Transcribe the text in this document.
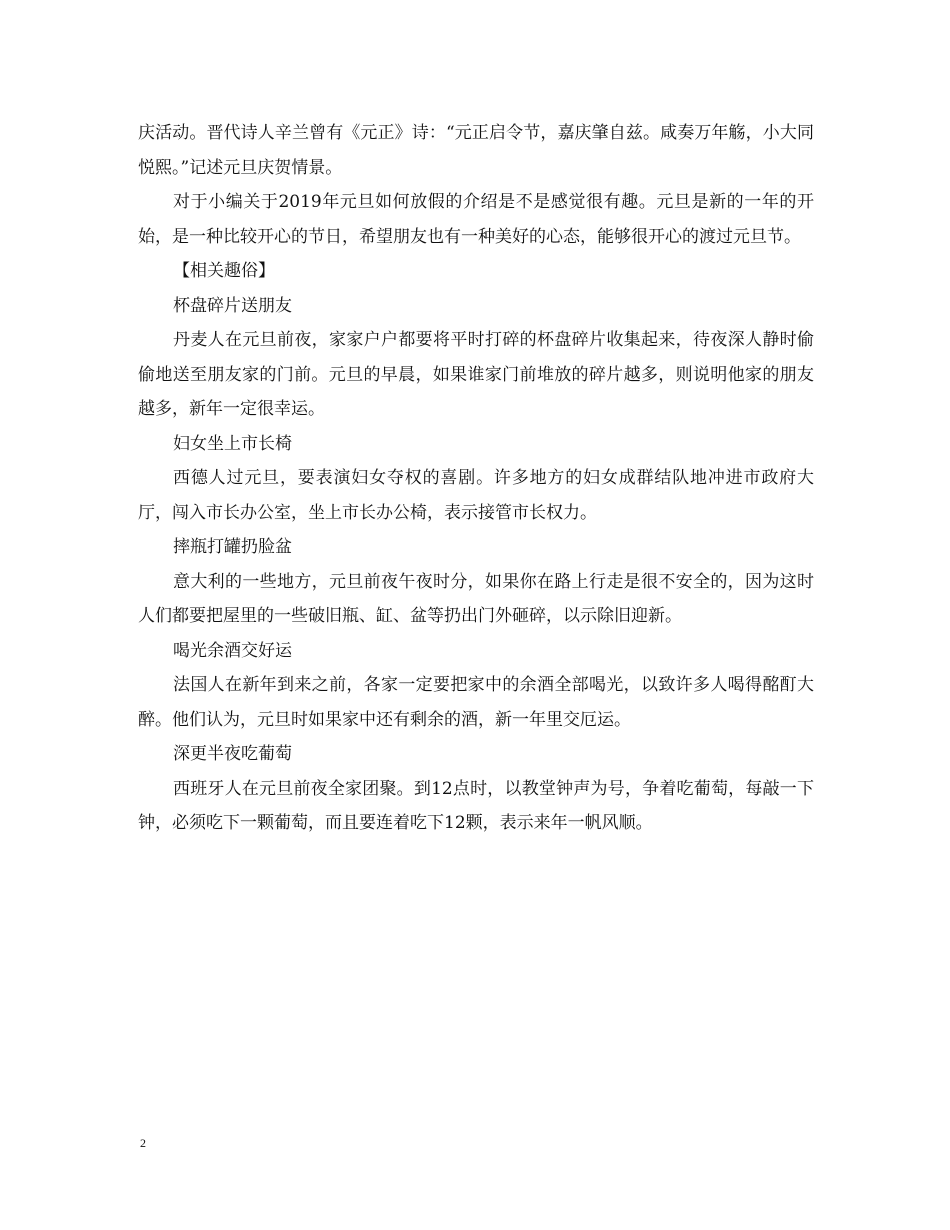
庆活动。晋代诗人辛兰曾有《元正》诗：“元正启令节，嘉庆肇自兹。咸奏万年觞，小大同悦熙。”记述元旦庆贺情景。

对于小编关于2019年元旦如何放假的介绍是不是感觉很有趣。元旦是新的一年的开始，是一种比较开心的节日，希望朋友也有一种美好的心态，能够很开心的渡过元旦节。

【相关趣俗】

杯盘碎片送朋友

丹麦人在元旦前夜，家家户户都要将平时打碎的杯盘碎片收集起来，待夜深人静时偷偷地送至朋友家的门前。元旦的早晨，如果谁家门前堆放的碎片越多，则说明他家的朋友越多，新年一定很幸运。

妇女坐上市长椅

西德人过元旦，要表演妇女夺权的喜剧。许多地方的妇女成群结队地冲进市政府大厅，闯入市长办公室，坐上市长办公椅，表示接管市长权力。

摔瓶打罐扔脸盆

意大利的一些地方，元旦前夜午夜时分，如果你在路上行走是很不安全的，因为这时人们都要把屋里的一些破旧瓶、缸、盆等扔出门外砸碎，以示除旧迎新。

喝光余酒交好运

法国人在新年到来之前，各家一定要把家中的余酒全部喝光，以致许多人喝得酩酊大醉。他们认为，元旦时如果家中还有剩余的酒，新一年里交厄运。

深更半夜吃葡萄

西班牙人在元旦前夜全家团聚。到12点时，以教堂钟声为号，争着吃葡萄，每敲一下钟，必须吃下一颗葡萄，而且要连着吃下12颗，表示来年一帆风顺。

2
